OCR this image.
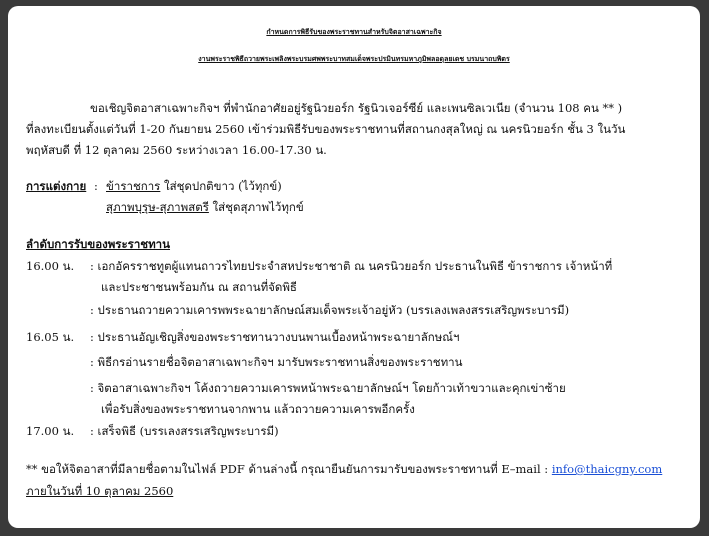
กำหนดการพิธีรับของพระราชทานสำหรับจิตอาสาเฉพาะกิจ
งานพระราชพิธีถวายพระเพลิงพระบรมศพพระบาทสมเด็จพระปรมินทรมหาภูมิพลอดุลยเดช บรมนาถบพิตร
ขอเชิญจิตอาสาเฉพาะกิจฯ ที่พำนักอาศัยอยู่รัฐนิวยอร์ก รัฐนิวเจอร์ซีย์ และเพนซิลเวเนีย (จำนวน 108 คน ** )
ที่ลงทะเบียนตั้งแต่วันที่ 1-20 กันยายน 2560 เข้าร่วมพิธีรับของพระราชทานที่สถานกงสุลใหญ่ ณ นครนิวยอร์ก ชั้น 3 ในวัน
พฤหัสบดี ที่ 12 ตุลาคม 2560 ระหว่างเวลา 16.00-17.30 น.
การแต่งกาย : ข้าราชการ ใส่ชุดปกติขาว (ไว้ทุกข์)
สุภาพบุรุษ-สุภาพสตรี ใส่ชุดสุภาพไว้ทุกข์
ลำดับการรับของพระราชทาน
16.00 น. : เอกอัครราชทูตผู้แทนถาวรไทยประจำสหประชาชาติ ณ นครนิวยอร์ก ประธานในพิธี ข้าราชการ เจ้าหน้าที่
และประชาชนพร้อมกัน ณ สถานที่จัดพิธี
: ประธานถวายความเคารพพระฉายาลักษณ์สมเด็จพระเจ้าอยู่หัว (บรรเลงเพลงสรรเสริญพระบารมี)
16.05 น. : ประธานอัญเชิญสิ่งของพระราชทานวางบนพานเบื้องหน้าพระฉายาลักษณ์ฯ
: พิธีกรอ่านรายชื่อจิตอาสาเฉพาะกิจฯ มารับพระราชทานสิ่งของพระราชทาน
: จิตอาสาเฉพาะกิจฯ โค้งถวายความเคารพหน้าพระฉายาลักษณ์ฯ โดยก้าวเท้าขวาและคุกเข่าซ้าย
เพื่อรับสิ่งของพระราชทานจากพาน แล้วถวายความเคารพอีกครั้ง
17.00 น. : เสร็จพิธี (บรรเลงสรรเสริญพระบารมี)
** ขอให้จิตอาสาที่มีลายชื่อตามในไฟล์ PDF ด้านล่างนี้ กรุณายืนยันการมารับของพระราชทานที่ E–mail : info@thaicgny.com
ภายในวันที่ 10 ตุลาคม 2560
